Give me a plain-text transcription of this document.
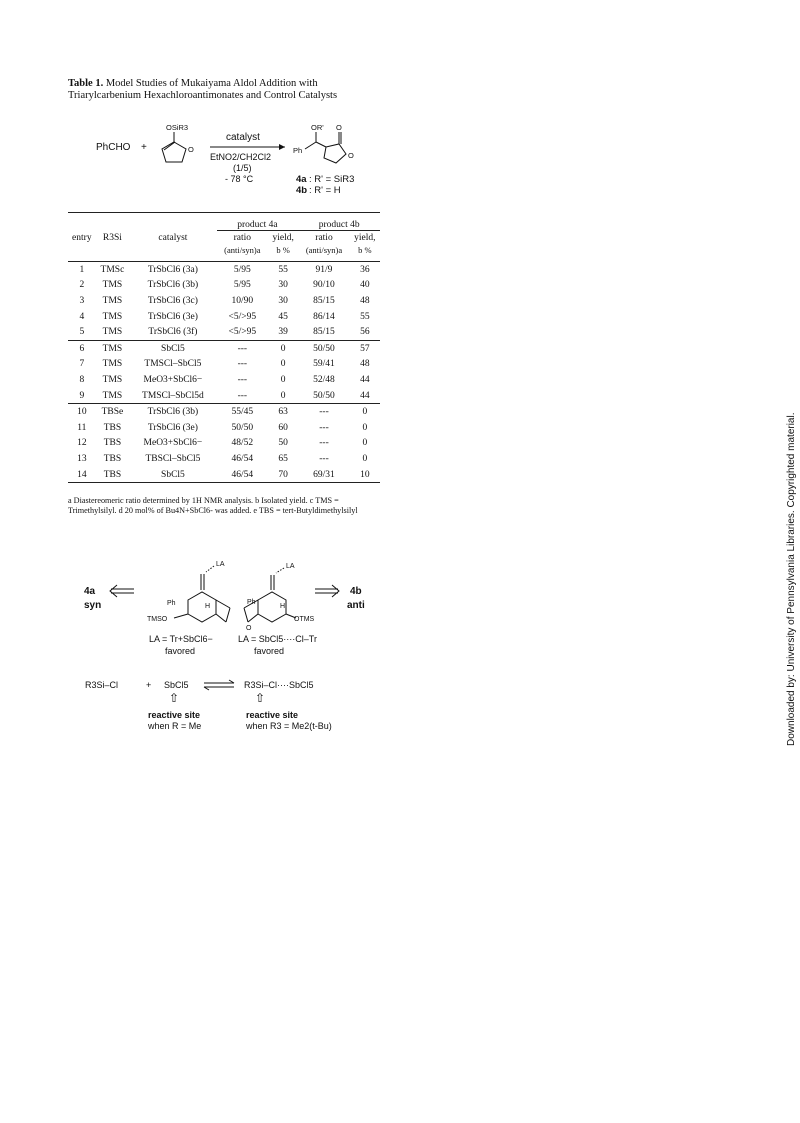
Table 1. Model Studies of Mukaiyama Aldol Addition with Triarylcarbenium Hexachloroantimonates and Control Catalysts
PhCHO +
OSiR3
O
catalyst
EtNO2/CH2Cl2
(1/5)
- 78 °C
OR' O
Ph
O
4a : R' = SiR3
4b : R' = H
			product 4a		product 4b	
entry	R3Si	catalyst	ratio	yield,	ratio	yield,
			(anti/syn)a	b %	(anti/syn)a	b %
1	TMSc	TrSbCl6 (3a)	5/95	55	91/9	36
2	TMS	TrSbCl6 (3b)	5/95	30	90/10	40
3	TMS	TrSbCl6 (3c)	10/90	30	85/15	48
4	TMS	TrSbCl6 (3e)	<5/>95	45	86/14	55
5	TMS	TrSbCl6 (3f)	<5/>95	39	85/15	56
6	TMS	SbCl5	---	0	50/50	57
7	TMS	TMSCl–SbCl5	---	0	59/41	48
8	TMS	MeO3+SbCl6−	---	0	52/48	44
9	TMS	TMSCl–SbCl5d	---	0	50/50	44
10	TBSe	TrSbCl6 (3b)	55/45	63	---	0
11	TBS	TrSbCl6 (3e)	50/50	60	---	0
12	TBS	MeO3+SbCl6−	48/52	50	---	0
13	TBS	TBSCl–SbCl5	46/54	65	---	0
14	TBS	SbCl5	46/54	70	69/31	10
a Diastereomeric ratio determined by 1H NMR analysis. b Isolated yield. c TMS = Trimethylsilyl. d 20 mol% of Bu4N+SbCl6- was added. e TBS = tert-Butyldimethylsilyl
4a
syn
4b
anti
LA
Ph	H
TMSO
LA
Ph
H
O
OTMS
LA = Tr+SbCl6−
favored
LA = SbCl5····Cl–Tr
favored
R3Si–Cl	+ SbCl5	R3Si–Cl····SbCl5
⇧	⇧
reactive site
when R = Me
reactive site
when R3 = Me2(t-Bu)	Downloaded by: University of Pennsylvania Libraries. Copyrighted material.
